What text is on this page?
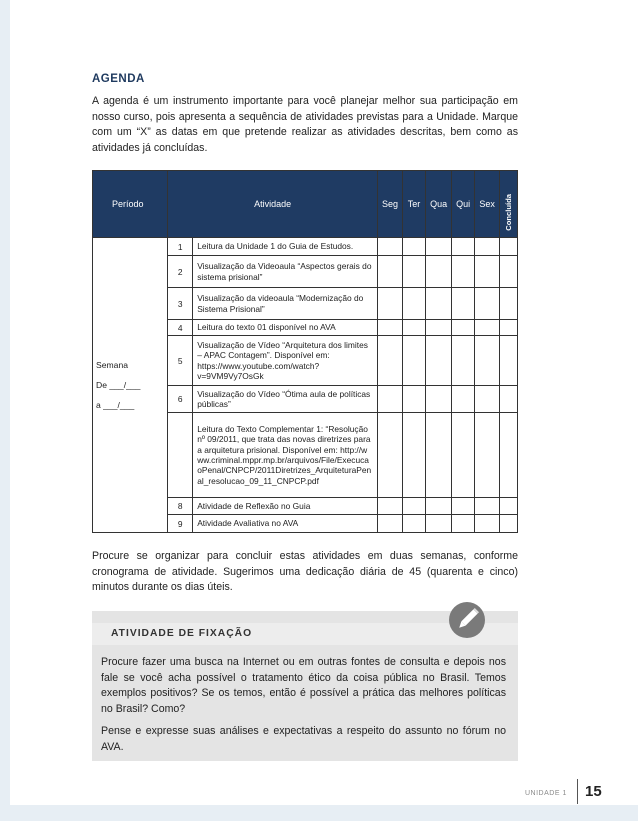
AGENDA
A agenda é um instrumento importante para você planejar melhor sua participação em nosso curso, pois apresenta a sequência de atividades previstas para a Unidade. Marque com um “X” as datas em que pretende realizar as atividades descritas, bem como as atividades já concluídas.
Período	Atividade		Seg	Ter	Qua	Qui	Sex	Concluída

Semana
De ___/___
a ___/___	1	Leitura da Unidade 1 do Guia de Estudos.						
	2	Visualização da Videoaula “Aspectos gerais do sistema prisional”						
	3	Visualização da videoaula “Modernização do Sistema Prisional”						
	4	Leitura do texto 01 disponível no AVA						
	5	Visualização de Vídeo “Arquitetura dos limites – APAC Contagem”. Disponível em: https://www.youtube.com/watch?v=9VM9Vy7OsGk						
	6	Visualização do Vídeo “Ótima aula de políticas públicas”						
		Leitura do Texto Complementar 1: “Resolução nº 09/2011, que trata das novas diretrizes para a arquitetura prisional. Disponível em: http://www.criminal.mppr.mp.br/arquivos/File/ExecucaoPenal/CNPCP/2011Diretrizes_ArquiteturaPenal_resolucao_09_11_CNPCP.pdf						
	8	Atividade de Reflexão no Guia						
	9	Atividade Avaliativa no AVA						
Procure se organizar para concluir estas atividades em duas semanas, conforme cronograma de atividade. Sugerimos uma dedicação diária de 45 (quarenta e cinco) minutos durante os dias úteis.
ATIVIDADE DE FIXAÇÃO

Procure fazer uma busca na Internet ou em outras fontes de consulta e depois nos fale se você acha possível o tratamento ético da coisa pública no Brasil. Temos exemplos positivos? Se os temos, então é possível a prática das melhores políticas no Brasil? Como?

Pense e expresse suas análises e expectativas a respeito do assunto no fórum no AVA.

UNIDADE 1 15
